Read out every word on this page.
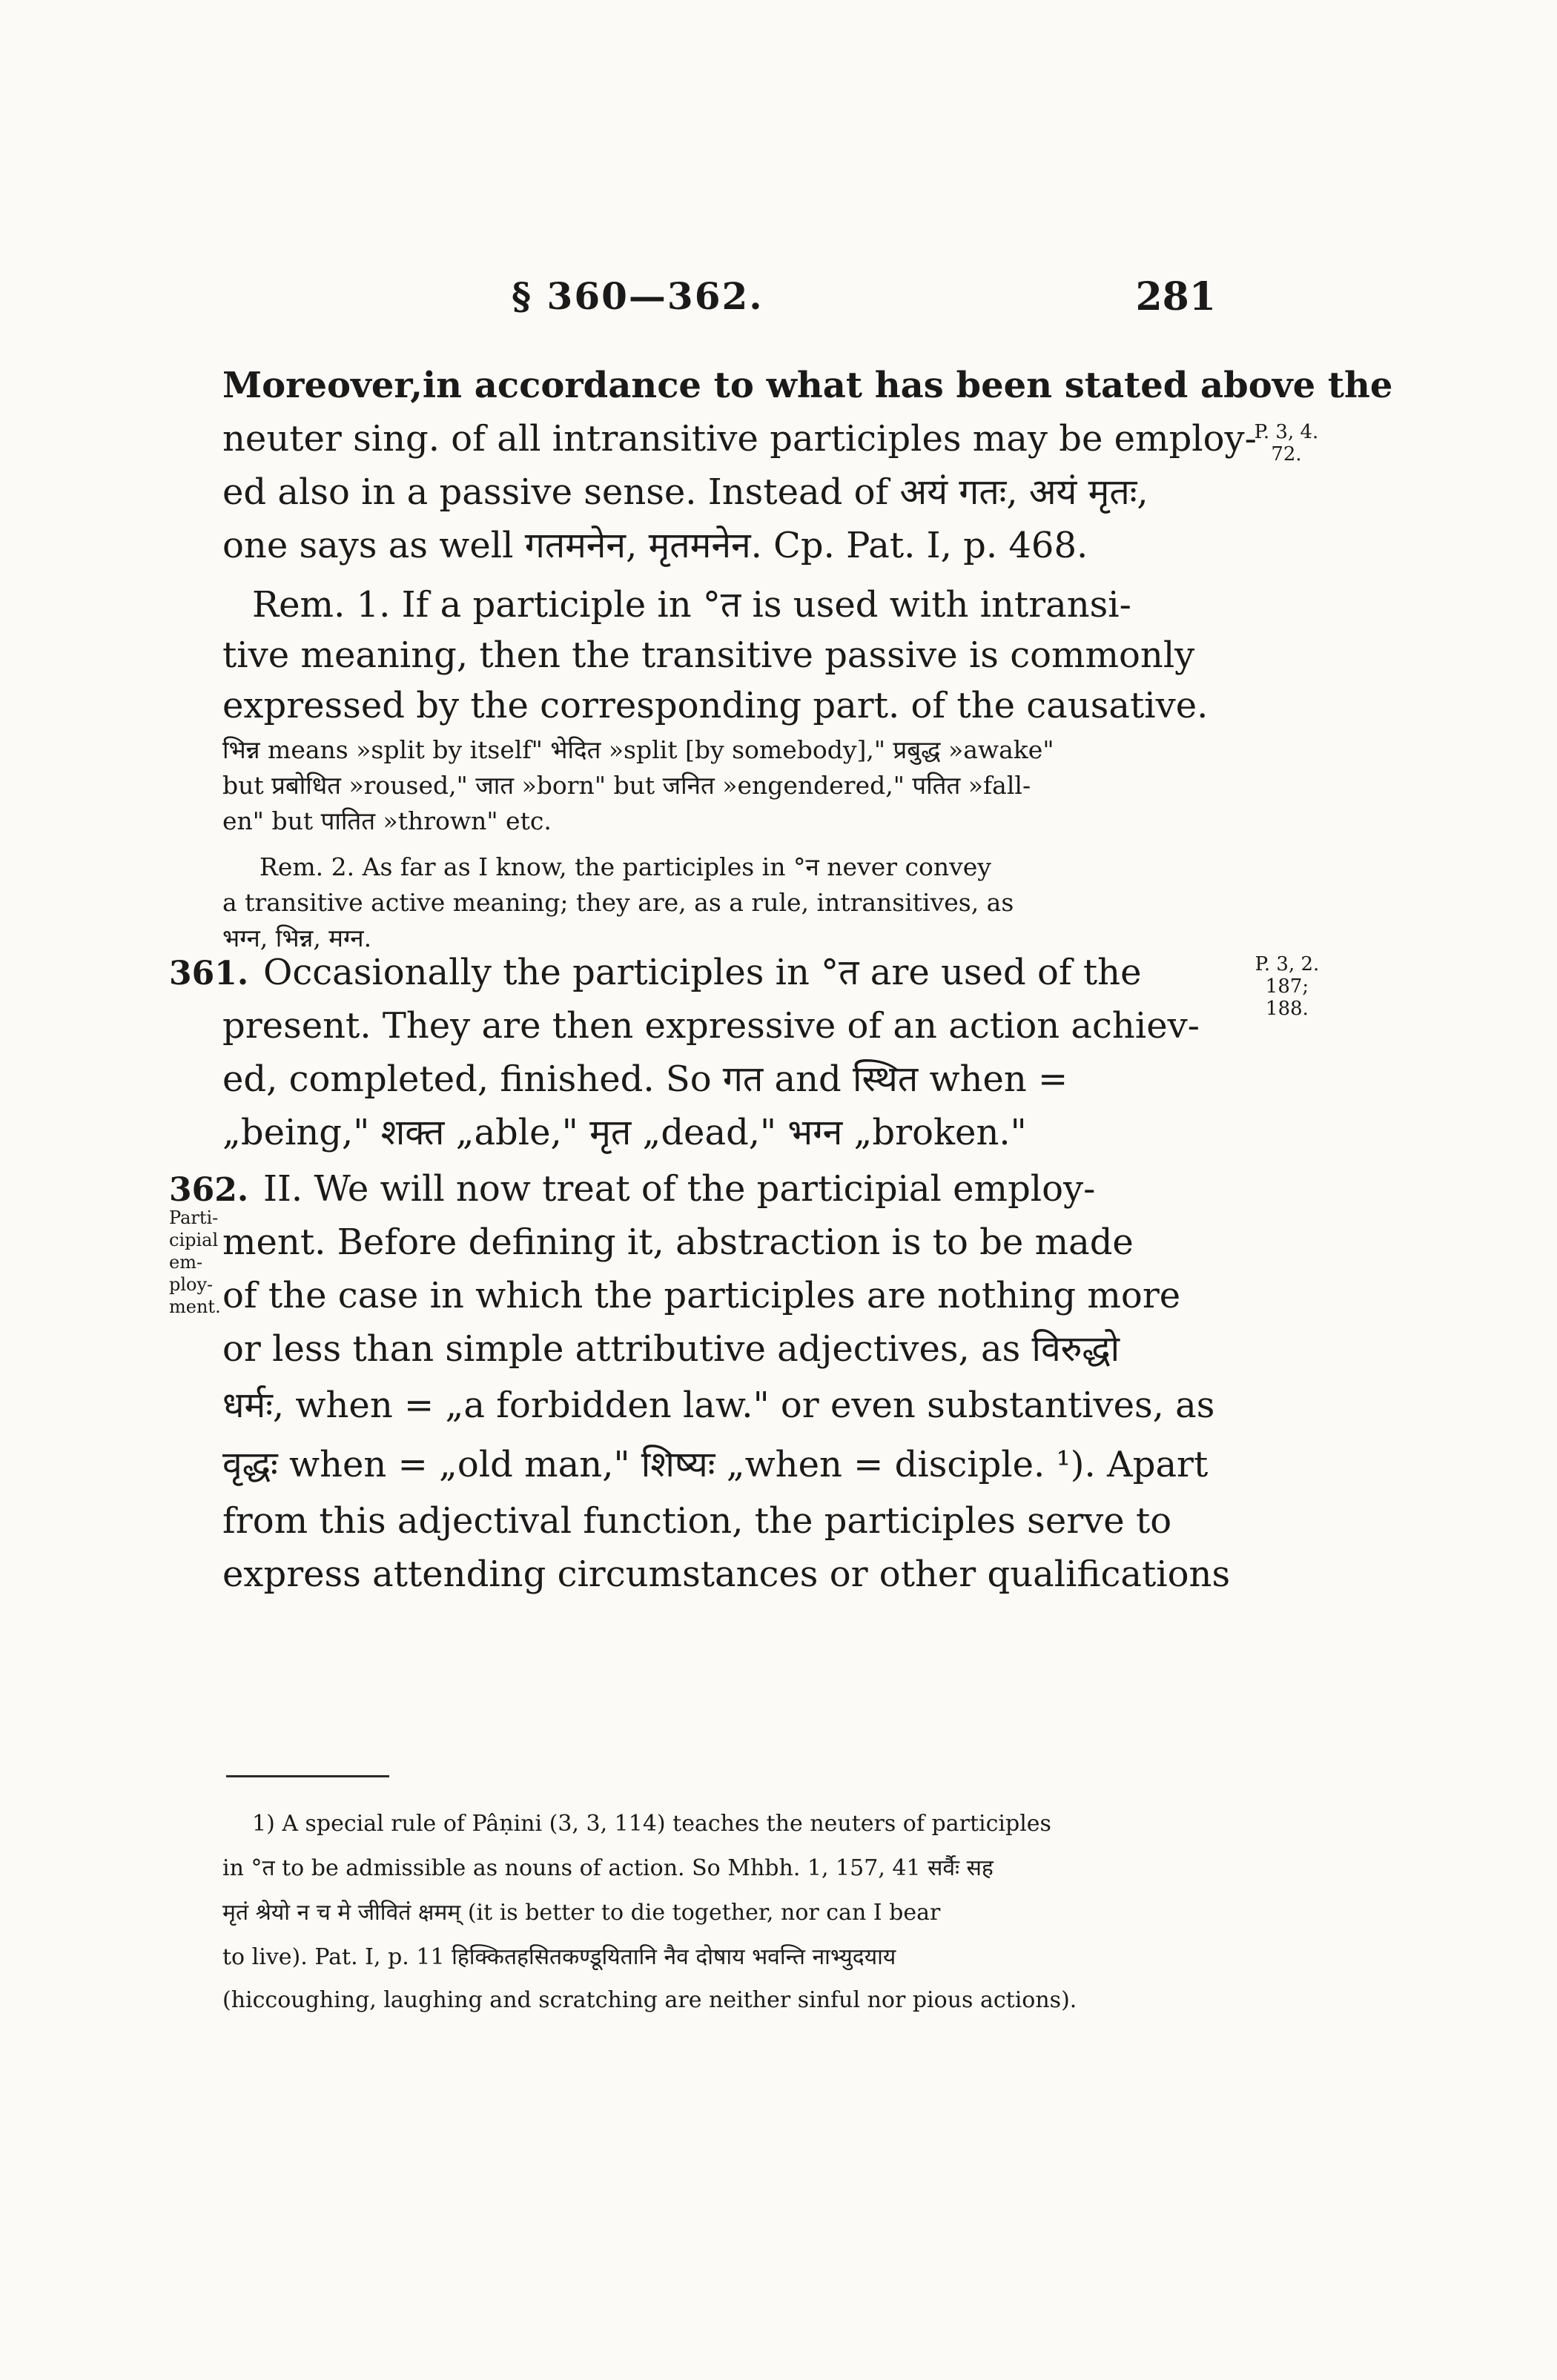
§ 360—362.	281
Moreover,in accordance to what has been stated above the
neuter sing. of all intransitive participles may be employ-
ed also in a passive sense. Instead of अयं गतः, अयं मृतः,
one says as well गतमनेन, मृतमनेन. Cp. Pat. I, p. 468.
P. 3, 4. 72.
Rem. 1. If a participle in °त is used with intransi-
tive meaning, then the transitive passive is commonly
expressed by the corresponding part. of the causative.
भिन्न means »split by itself" भेदित »split [by somebody]," प्रबुद्ध »awake"
but प्रबोधित »roused," जात »born" but जनित »engendered," पतित »fall-
en" but पातित »thrown" etc.
Rem. 2. As far as I know, the participles in °न never convey
a transitive active meaning; they are, as a rule, intransitives, as
भग्न, भिन्न, मग्न.
361. Occasionally the participles in °त are used of the
present. They are then expressive of an action achiev-
ed, completed, finished. So गत and स्थित when =
„being," शक्त „able," मृत „dead," भग्न „broken."
P. 3, 2. 187; 188.
362.
Parti-
cipial
em-
ploy-
ment.
II. We will now treat of the participial employ-
ment. Before defining it, abstraction is to be made
of the case in which the participles are nothing more
or less than simple attributive adjectives, as विरुद्धो
धर्मः, when = „a forbidden law." or even substantives, as
वृद्धः when = „old man," शिष्यः „when = disciple. ¹). Apart
from this adjectival function, the participles serve to
express attending circumstances or other qualifications
1) A special rule of Pâṇini (3, 3, 114) teaches the neuters of participles
in °त to be admissible as nouns of action. So Mhbh. 1, 157, 41 सर्वैः सह
मृतं श्रेयो न च मे जीवितं क्षमम् (it is better to die together, nor can I bear
to live). Pat. I, p. 11 हिक्कितहसितकण्डूयितानि नैव दोषाय भवन्ति नाभ्युदयाय
(hiccoughing, laughing and scratching are neither sinful nor pious actions).
